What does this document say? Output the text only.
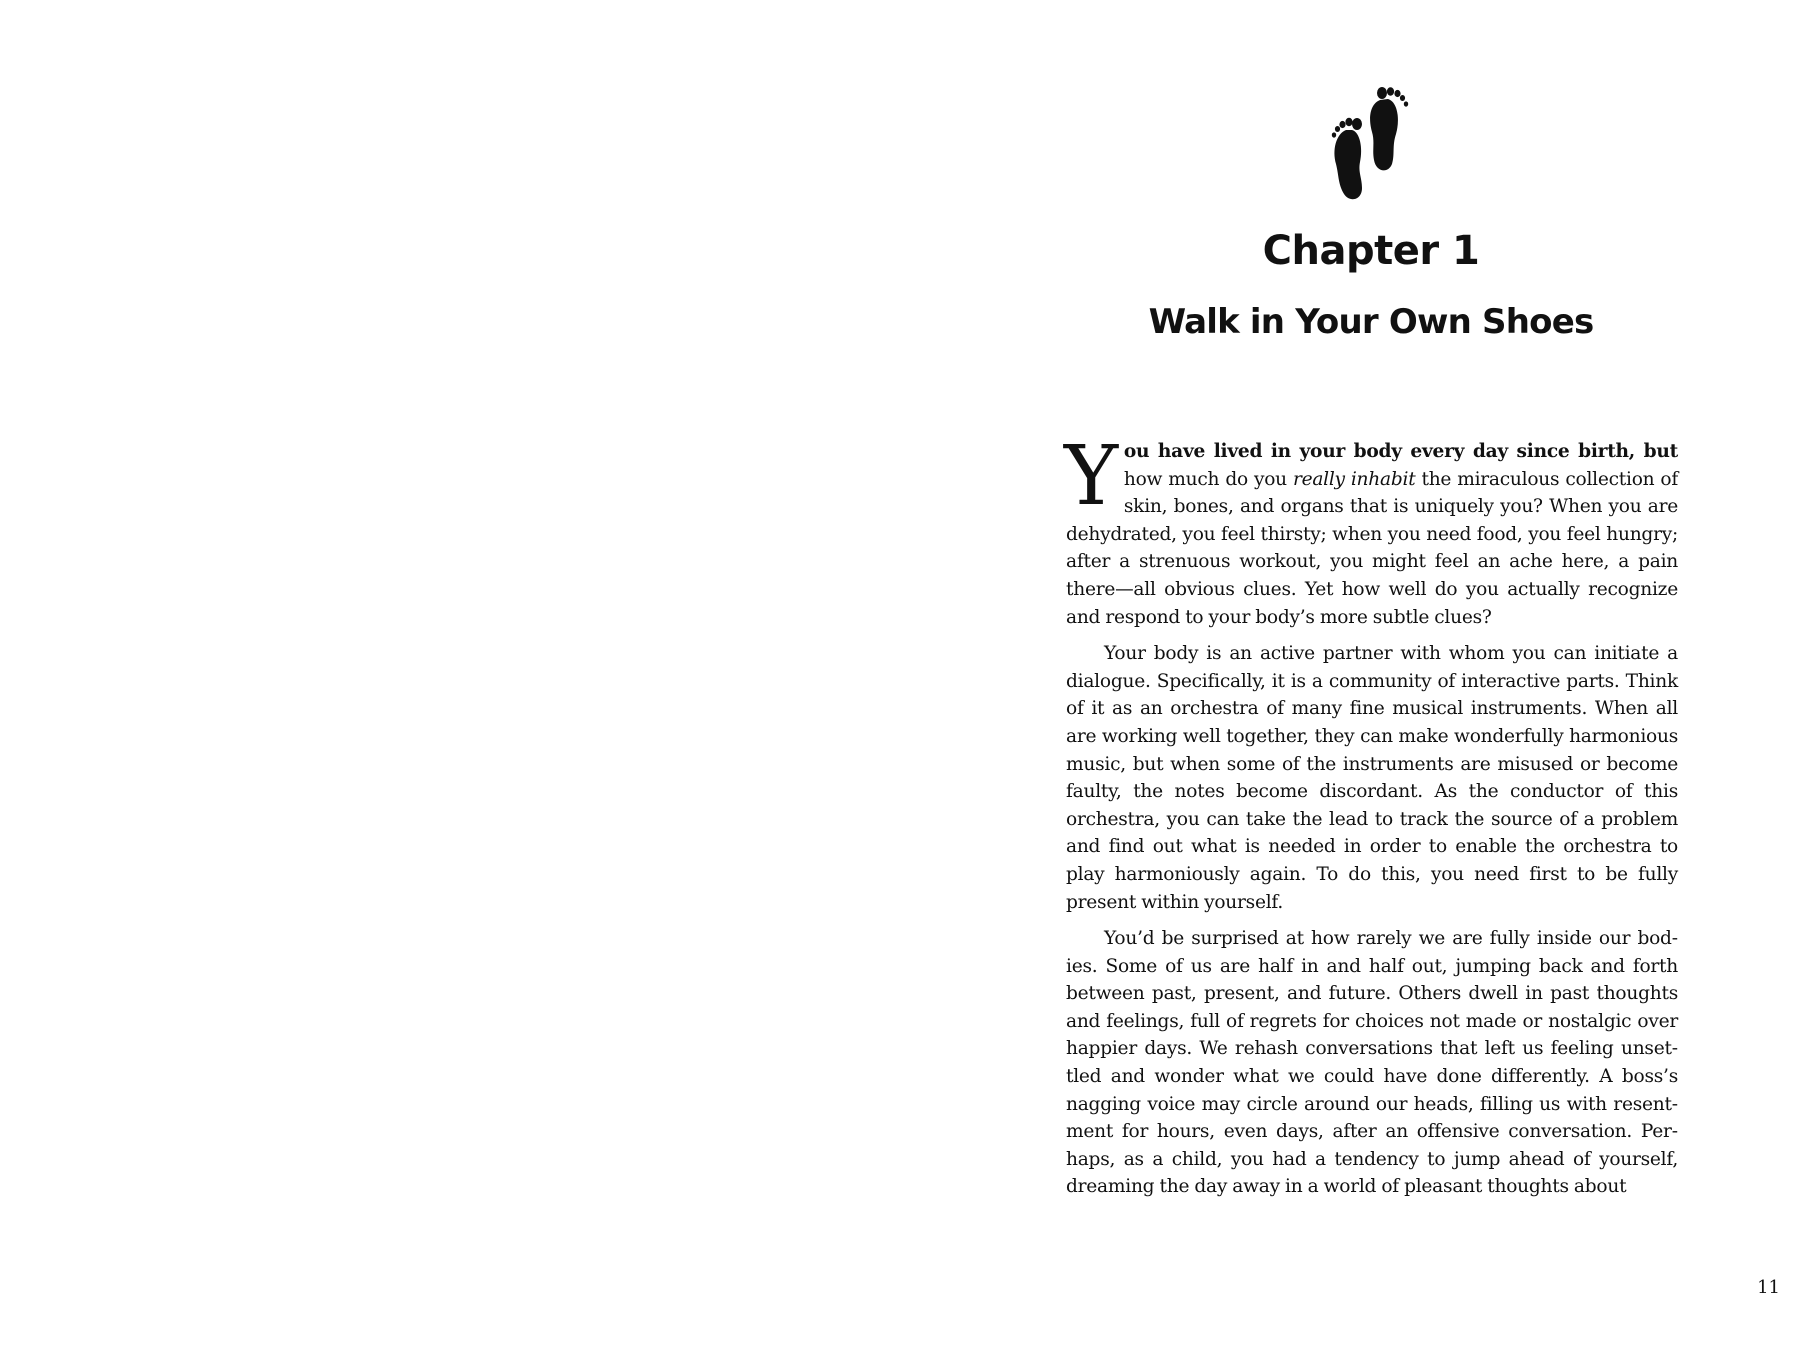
Chapter 1
Walk in Your Own Shoes

You have lived in your body every day since birth, but how much do you really inhabit the miraculous collection of skin, bones, and organs that is uniquely you? When you are dehydrated, you feel thirsty; when you need food, you feel hungry; after a strenuous workout, you might feel an ache here, a pain there—all obvious clues. Yet how well do you actually recognize and respond to your body’s more subtle clues?

Your body is an active partner with whom you can initiate a dialogue. Specifically, it is a community of interactive parts. Think of it as an orchestra of many fine musical instruments. When all are working well together, they can make wonderfully harmonious music, but when some of the instruments are misused or become faulty, the notes become discordant. As the conductor of this orchestra, you can take the lead to track the source of a problem and find out what is needed in order to enable the orchestra to play harmoniously again. To do this, you need first to be fully present within yourself.

You’d be surprised at how rarely we are fully inside our bodies. Some of us are half in and half out, jumping back and forth between past, present, and future. Others dwell in past thoughts and feelings, full of regrets for choices not made or nostalgic over happier days. We rehash conversations that left us feeling unsettled and wonder what we could have done differently. A boss’s nagging voice may circle around our heads, filling us with resentment for hours, even days, after an offensive conversation. Perhaps, as a child, you had a tendency to jump ahead of yourself, dreaming the day away in a world of pleasant thoughts about

11
